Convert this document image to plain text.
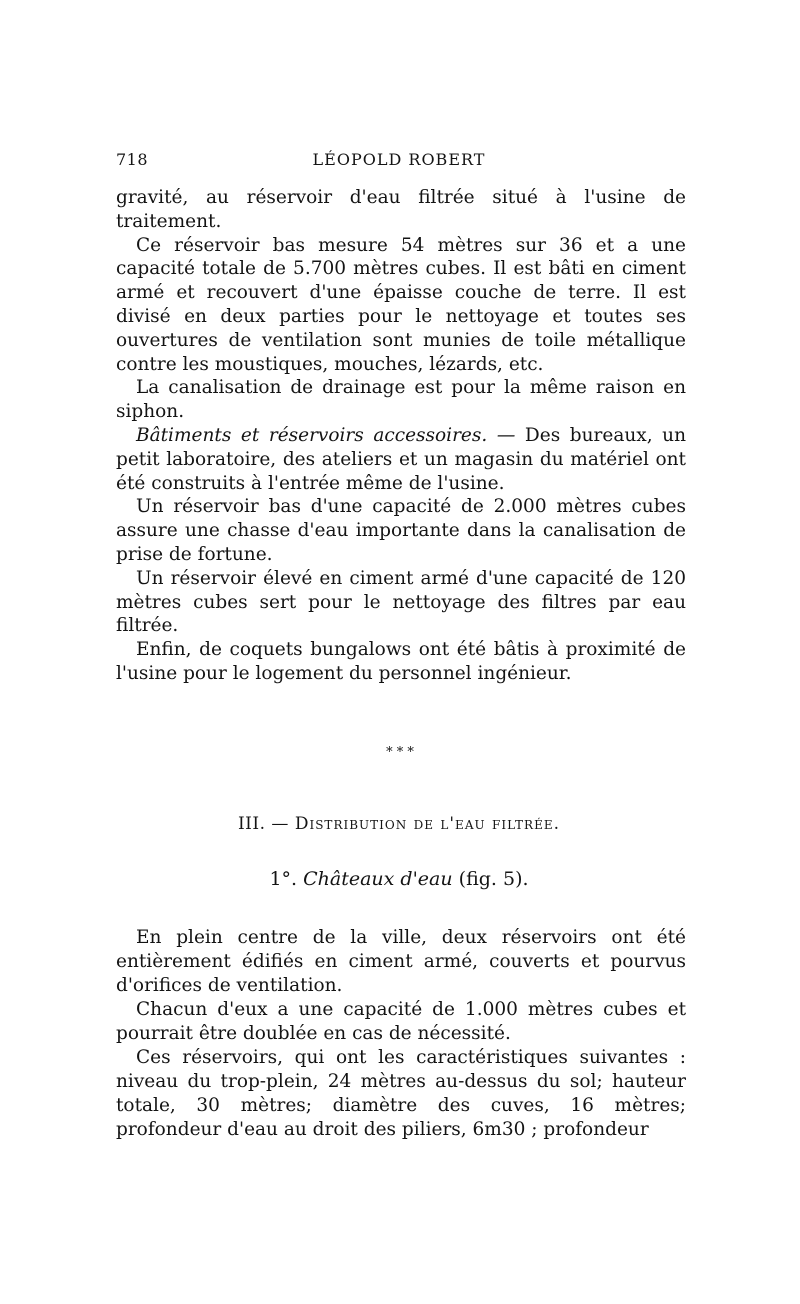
718	LÉOPOLD ROBERT

gravité, au réservoir d'eau filtrée situé à l'usine de traitement.

Ce réservoir bas mesure 54 mètres sur 36 et a une capacité totale de 5.700 mètres cubes. Il est bâti en ciment armé et recouvert d'une épaisse couche de terre. Il est divisé en deux parties pour le nettoyage et toutes ses ouvertures de ventilation sont munies de toile métallique contre les moustiques, mouches, lézards, etc.

La canalisation de drainage est pour la même raison en siphon.

Bâtiments et réservoirs accessoires. — Des bureaux, un petit laboratoire, des ateliers et un magasin du matériel ont été construits à l'entrée même de l'usine.

Un réservoir bas d'une capacité de 2.000 mètres cubes assure une chasse d'eau importante dans la canalisation de prise de fortune.

Un réservoir élevé en ciment armé d'une capacité de 120 mètres cubes sert pour le nettoyage des filtres par eau filtrée.

Enfin, de coquets bungalows ont été bâtis à proximité de l'usine pour le logement du personnel ingénieur.

* * *
III. — Distribution de l'eau filtrée.
1°. Châteaux d'eau (fig. 5).

En plein centre de la ville, deux réservoirs ont été entièrement édifiés en ciment armé, couverts et pourvus d'orifices de ventilation.

Chacun d'eux a une capacité de 1.000 mètres cubes et pourrait être doublée en cas de nécessité.

Ces réservoirs, qui ont les caractéristiques suivantes : niveau du trop-plein, 24 mètres au-dessus du sol; hauteur totale, 30 mètres; diamètre des cuves, 16 mètres; profondeur d'eau au droit des piliers, 6m30 ; profondeur
